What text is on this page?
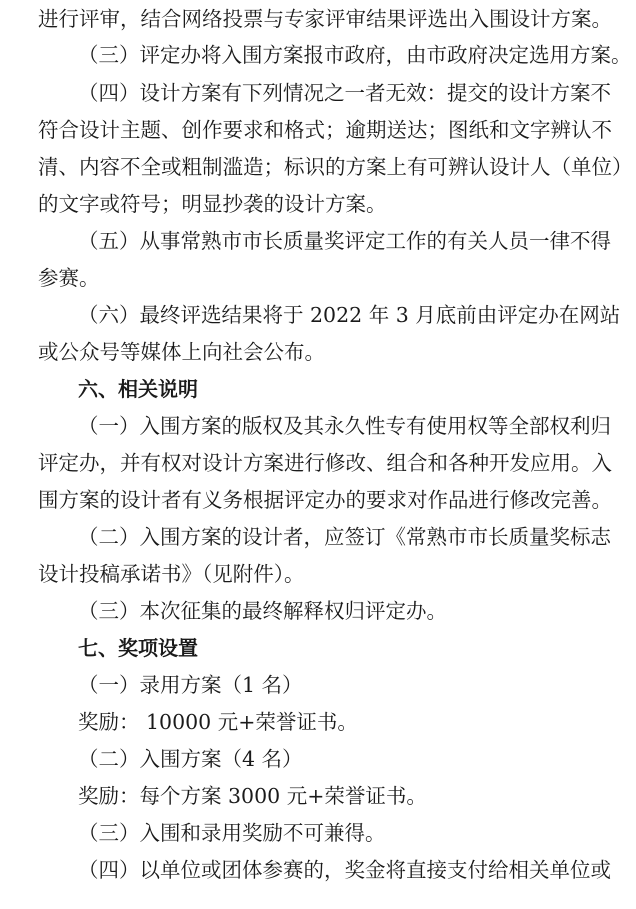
进行评审，结合网络投票与专家评审结果评选出入围设计方案。
（三）评定办将入围方案报市政府，由市政府决定选用方案。
（四）设计方案有下列情况之一者无效：提交的设计方案不
符合设计主题、创作要求和格式；逾期送达；图纸和文字辨认不
清、内容不全或粗制滥造；标识的方案上有可辨认设计人（单位）
的文字或符号；明显抄袭的设计方案。
（五）从事常熟市市长质量奖评定工作的有关人员一律不得
参赛。
（六）最终评选结果将于 2022 年 3 月底前由评定办在网站
或公众号等媒体上向社会公布。
六、相关说明
（一）入围方案的版权及其永久性专有使用权等全部权利归
评定办，并有权对设计方案进行修改、组合和各种开发应用。入
围方案的设计者有义务根据评定办的要求对作品进行修改完善。
（二）入围方案的设计者，应签订《常熟市市长质量奖标志
设计投稿承诺书》（见附件）。
（三）本次征集的最终解释权归评定办。
七、奖项设置
（一）录用方案（1 名）
奖励： 10000 元+荣誉证书。
（二）入围方案（4 名）
奖励：每个方案 3000 元+荣誉证书。
（三）入围和录用奖励不可兼得。
（四）以单位或团体参赛的，奖金将直接支付给相关单位或
